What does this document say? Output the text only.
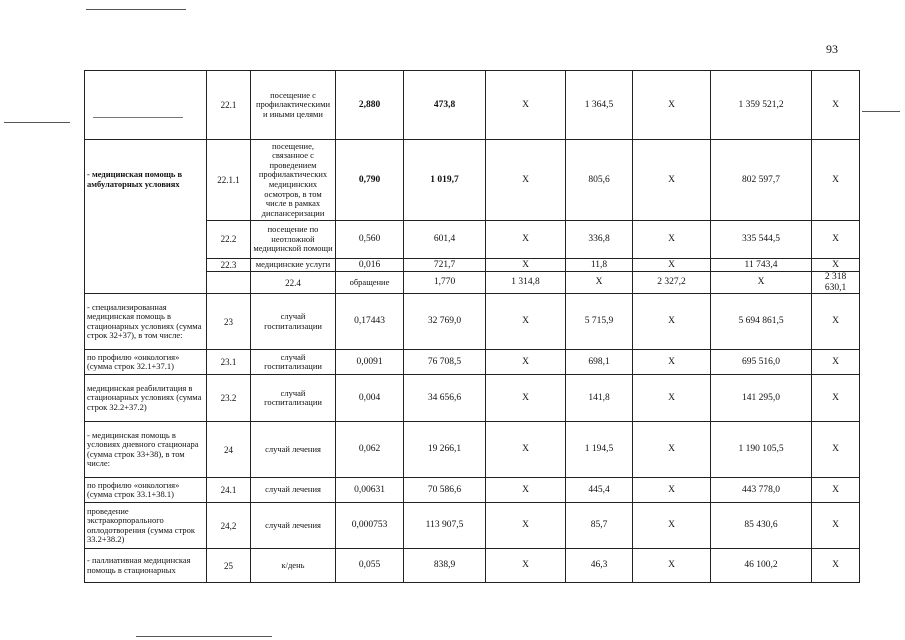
93
	22.1	посещение с профилактическими и иными целями	2,880	473,8	Х	1 364,5	Х	1 359 521,2	Х	
- медицинская помощь в амбулаторных условиях	22.1.1	посещение, связанное с проведением профилактических медицинских осмотров, в том числе в рамках диспансеризации	0,790	1 019,7	Х	805,6	Х	802 597,7	Х	
	22.2	посещение по неотложной медицинской помощи	0,560	601,4	Х	336,8	Х	335 544,5	Х	
	22.3	медицинские услуги	0,016	721,7	Х	11,8	Х	11 743,4	Х	
		22.4	обращение	1,770	1 314,8	Х	2 327,2	Х	2 318 630,1	
- специализированная медицинская помощь в стационарных условиях (сумма строк 32+37), в том числе:	23	случай госпитализации	0,17443	32 769,0	Х	5 715,9	Х	5 694 861,5	Х	
по профилю «онкология» (сумма строк 32.1+37.1)	23.1	случай госпитализации	0,0091	76 708,5	Х	698,1	Х	695 516,0	Х	
медицинская реабилитация в стационарных условиях (сумма строк 32.2+37.2)	23.2	случай госпитализации	0,004	34 656,6	Х	141,8	Х	141 295,0	Х	
- медицинская помощь в условиях дневного стационара (сумма строк 33+38), в том числе:	24	случай лечения	0,062	19 266,1	Х	1 194,5	Х	1 190 105,5	Х	
по профилю «онкология» (сумма строк 33.1+38.1)	24.1	случай лечения	0,00631	70 586,6	Х	445,4	Х	443 778,0	Х	
проведение экстракорпорального оплодотворения (сумма строк 33.2+38.2)	24,2	случай лечения	0,000753	113 907,5	Х	85,7	Х	85 430,6	Х	
- паллиативная медицинская помощь в стационарных	25	к/день	0,055	838,9	Х	46,3	Х	46 100,2	Х	
